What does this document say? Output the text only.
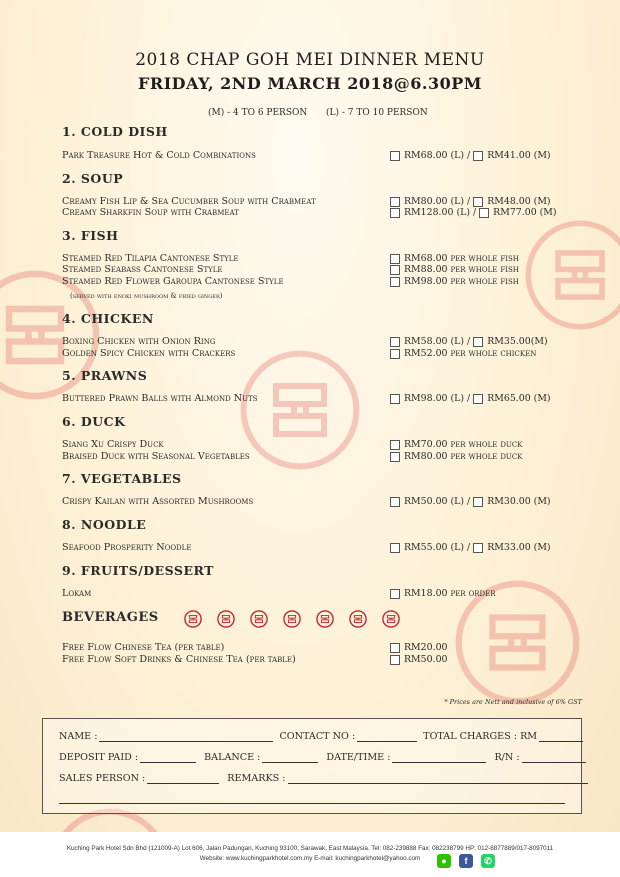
2018 CHAP GOH MEI DINNER MENU
FRIDAY, 2ND MARCH 2018@6.30PM
(M) - 4 TO 6 PERSON (L) - 7 TO 10 PERSON
1. COLD DISH
Park Treasure Hot & Cold Combinations	RM68.00 (L) / RM41.00 (M)
2. SOUP
Creamy Fish Lip & Sea Cucumber Soup with Crabmeat	RM80.00 (L) / RM48.00 (M)
Creamy Sharkfin Soup with Crabmeat	RM128.00 (L) / RM77.00 (M)
3. FISH
Steamed Red Tilapia Cantonese Style	RM68.00 per whole fish
Steamed Seabass Cantonese Style	RM88.00 per whole fish
Steamed Red Flower Garoupa Cantonese Style	RM98.00 per whole fish
(served with enoki mushroom & fried ginger)
4. CHICKEN
Boxing Chicken with Onion Ring	RM58.00 (L) / RM35.00(M)
Golden Spicy Chicken with Crackers	RM52.00 per whole chicken
5. PRAWNS
Buttered Prawn Balls with Almond Nuts	RM98.00 (L) / RM65.00 (M)
6. DUCK
Siang Xu Crispy Duck	RM70.00 per whole duck
Braised Duck with Seasonal Vegetables	RM80.00 per whole duck
7. VEGETABLES
Crispy Kailan with Assorted Mushrooms	RM50.00 (L) / RM30.00 (M)
8. NOODLE
Seafood Prosperity Noodle	RM55.00 (L) / RM33.00 (M)
9. FRUITS/DESSERT
Lokam	RM18.00 per order
BEVERAGES
Free Flow Chinese Tea (per table)	RM20.00
Free Flow Soft Drinks & Chinese Tea (per table)	RM50.00
* Prices are Nett and inclusive of 6% GST
NAME :	CONTACT NO :	TOTAL CHARGES : RM
DEPOSIT PAID :	BALANCE :	DATE/TIME :	R/N :
SALES PERSON :	REMARKS :
Kuching Park Hotel Sdn Bhd (121009-A) Lot 606, Jalan Padungan, Kuching 93100, Sarawak, East Malaysia. Tel: 082-239888 Fax: 082238799 HP: 012-8877889/017-8097011
Website: www.kuchingparkhotel.com.my E-mail: kuchingparkhotel@yahoo.com	●	f	✆
